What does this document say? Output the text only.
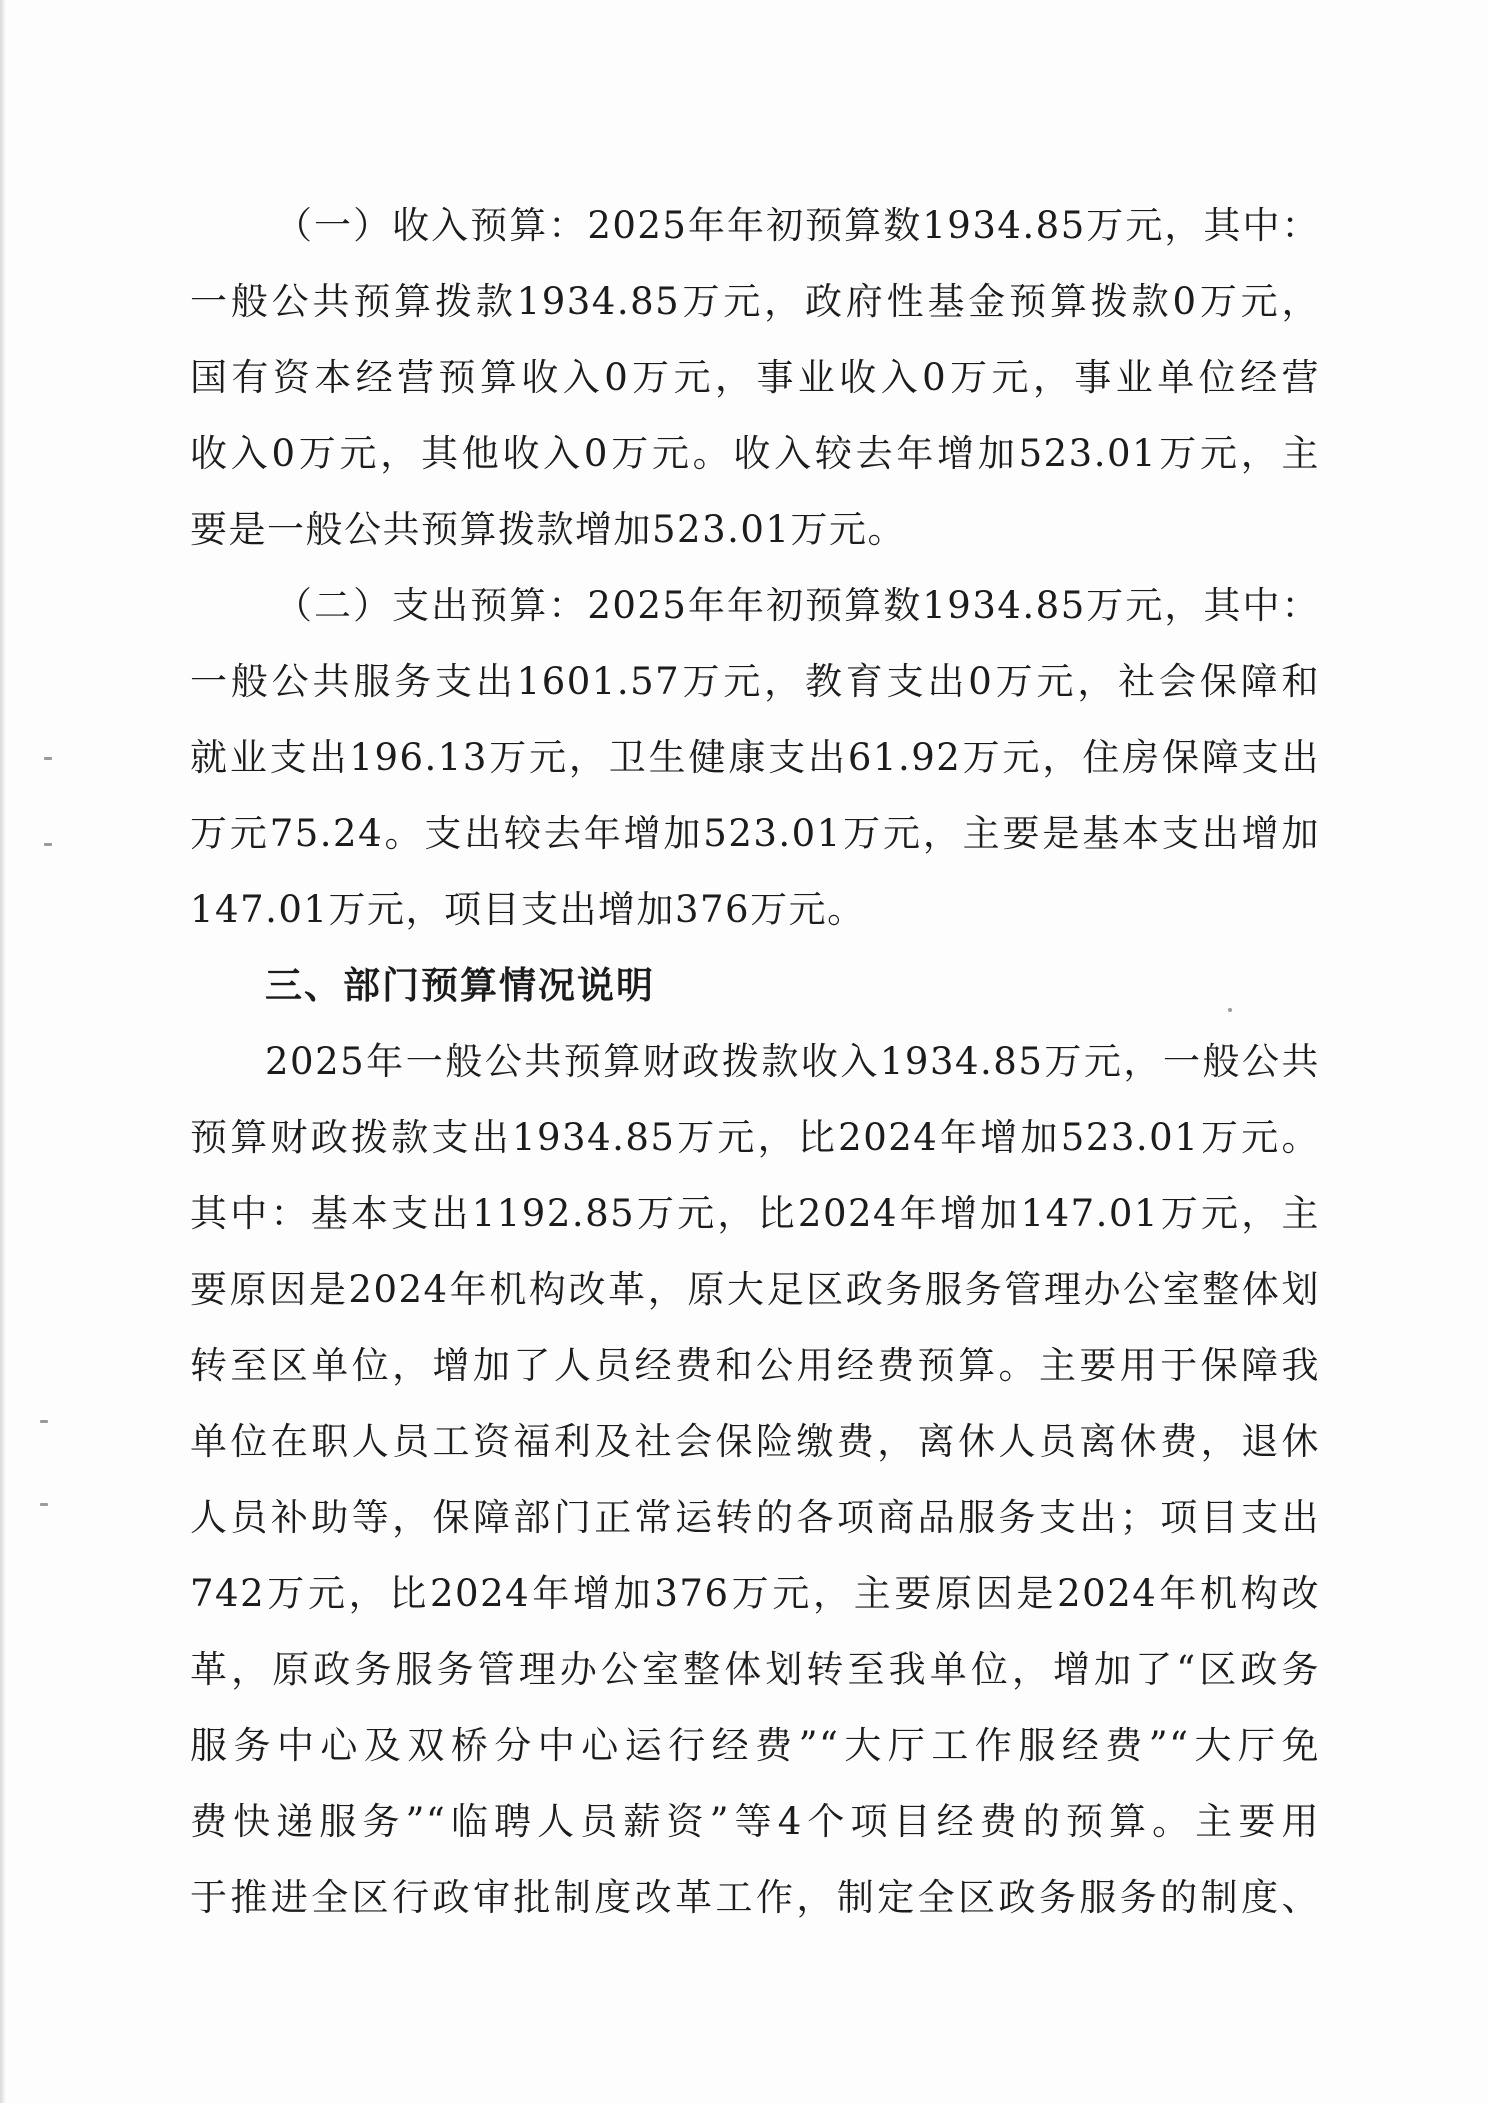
（一）收入预算：2025年年初预算数1934.85万元，其中：
一般公共预算拨款1934.85万元，政府性基金预算拨款0万元，
国有资本经营预算收入0万元，事业收入0万元，事业单位经营
收入0万元，其他收入0万元。收入较去年增加523.01万元，主
要是一般公共预算拨款增加523.01万元。
（二）支出预算：2025年年初预算数1934.85万元，其中：
一般公共服务支出1601.57万元，教育支出0万元，社会保障和
就业支出196.13万元，卫生健康支出61.92万元，住房保障支出
万元75.24。支出较去年增加523.01万元，主要是基本支出增加
147.01万元，项目支出增加376万元。
三、部门预算情况说明
2025年一般公共预算财政拨款收入1934.85万元，一般公共
预算财政拨款支出1934.85万元，比2024年增加523.01万元。
其中：基本支出1192.85万元，比2024年增加147.01万元，主
要原因是2024年机构改革，原大足区政务服务管理办公室整体划
转至区单位，增加了人员经费和公用经费预算。主要用于保障我
单位在职人员工资福利及社会保险缴费，离休人员离休费，退休
人员补助等，保障部门正常运转的各项商品服务支出；项目支出
742万元，比2024年增加376万元，主要原因是2024年机构改
革，原政务服务管理办公室整体划转至我单位，增加了“区政务
服务中心及双桥分中心运行经费”“大厅工作服经费”“大厅免
费快递服务”“临聘人员薪资”等4个项目经费的预算。主要用
于推进全区行政审批制度改革工作，制定全区政务服务的制度、
